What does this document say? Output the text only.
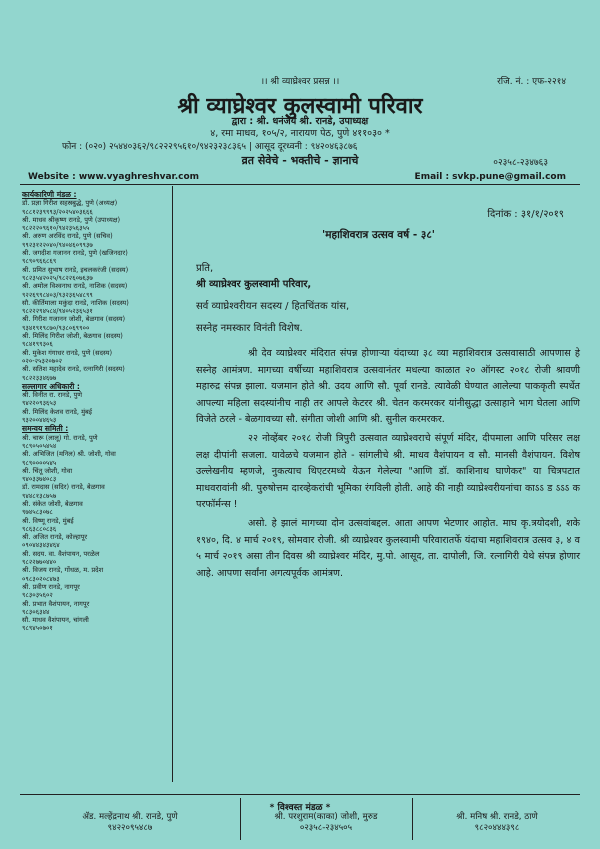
।। श्री व्याघ्रेश्वर प्रसन्न ।।	रजि. नं. : एफ-२२१४
श्री व्याघ्रेश्वर कुलस्वामी परिवार
द्वारा : श्री. धनंजय श्री. रानडे, उपाध्यक्ष
४, रमा माधव, १०५/२, नारायण पेठ, पुणे ४११०३० *
फोन : (०२०) २५४४०३६२/९८२२२९५६१०/९४२३२३८३६५ | आसूद दूरध्वनी : ९४२०४६३८७६
व्रत सेवेचे - भक्तीचे - ज्ञानाचे	०२३५८-२३४७६३
Website : www.vyaghreshvar.com	Email : svkp.pune@gmail.com
कार्यकारिणी मंडळ :
डॉ. प्रज्ञा गिरीश सहस्रबुद्धे, पुणे (अध्यक्ष)
९८८१२३९९९३/२०२५४०३६६६
श्री. माधव श्रीकृष्ण रानडे, पुणे (उपाध्यक्ष)
९८२२२०९६१०/९४२३५६३५५
श्री. अरुण अरविंद रानडे, पुणे (सचिव)
९९२३१२२०४०/९४०४६०९९३७
श्री. जगदीश गजानन रानडे, पुणे (खजिनदार)
९८९०९६६८६९
श्री. प्रमित सुभाष रानडे, इचलकरंजी (सदस्य)
९८२३५४२०२५/९८२२६०७६३७
श्री. अमोल विश्वनाथ रानडे, नाशिक (सदस्य)
९२२६९९८४०३/९३२३६५४८९९
सौ. कीर्तिमाला मकुंदा रानडे, नाशिक (सदस्य)
९८२२२९४५८४/९४०५२३६५३१
श्री. गिरीश गजानन जोशी, बेळगाव (सदस्य)
९३४१९१९८७०/९३८०६९९००
श्री. मिलिंद गिरीश जोशी, बेळगाव (सदस्य)
९८४१९९३०६
श्री. मुकेश गंगाधर रानडे, पुणे (सदस्य)
०२०-२५३२०७०२
श्री. सतिश महादेव रानडे, रत्नागिरी (सदस्य)
९८२२३३४६७७
सल्लागार अधिकारी :
श्री. विनीत रा. रानडे, पुणे
९४२२०९३६५३
श्री. मिलिंद केशव रानडे, मुंबई
९३२००४४६५३
समन्वय समिती :
श्री. चारू (लालू) गो. रानडे, पुणे
९८९०५०५४५४
श्री. अभिजित (मनिल) श्री. जोशी, गोवा
९८९००००५४५
श्री. चिंतू जोशी, गोवा
९४०३३७४०८३
डॉ. रामदास (सदिर) रानडे, बेळगाव
९४४८१३८७५७
श्री. संकेत जोशी, बेळगाव
९७४५८३०७८
श्री. विष्णू रानडे, मुंबई
९८६३८८०८३६
श्री. अजित रानडे, कोल्हापूर
०९०४४३४३४६४
श्री. सदय. वा. वैशंपायन, परळेल
९८२२७७०४४०
श्री. विजय रानडे, गोंधळ, म. प्रदेश
०९८३०२०८४७३
श्री. प्रवीण रानडे, नागपूर
९८३०३५६०२
श्री. प्रभात वैशंपायन, नागपूर
९८३०६३४४
सौ. माधव वैशंपायन, चांगली
९८९४५०७०१
दिनांक : ३१/१/२०१९
'महाशिवरात्र उत्सव वर्ष - ३८'
प्रति,
श्री व्याघ्रेश्वर कुलस्वामी परिवार,
सर्व व्याघ्रेश्वरीयन सदस्य / हितचिंतक यांस,
सस्नेह नमस्कार विनंती विशेष.

श्री देव व्याघ्रेश्वर मंदिरात संपन्न होणाऱ्या यंदाच्या ३८ व्या महाशिवरात्र उत्सवासाठी आपणास हे सस्नेह आमंत्रण. मागच्या वर्षीच्या महाशिवरात्र उत्सवानंतर मधल्या काळात २० ऑगस्ट २०१८ रोजी श्रावणी महारुद्र संपन्न झाला. यजमान होते श्री. उदय आणि सौ. पूर्वा रानडे. त्यावेळी घेण्यात आलेल्या पाककृती स्पर्धेत आपल्या महिला सदस्यांनीच नाही तर आपले केटरर श्री. चेतन करमरकर यांनीसुद्धा उत्साहाने भाग घेतला आणि विजेते ठरले - बेळगावच्या सौ. संगीता जोशी आणि श्री. सुनील करमरकर.

२२ नोव्हेंबर २०१८ रोजी त्रिपुरी उत्सवात व्याघ्रेश्वराचे संपूर्ण मंदिर, दीपमाला आणि परिसर लक्ष लक्ष दीपांनी सजला. यावेळचे यजमान होते - सांगलीचे श्री. माधव वैशंपायन व सौ. मानसी वैशंपायन. विशेष उल्लेखनीय म्हणजे, नुकत्याच थिएटरमध्ये येऊन गेलेल्या "आणि डॉ. काशिनाथ घाणेकर" या चित्रपटात माधवरावांनी श्री. पुरुषोत्तम दारव्हेकरांची भूमिका रंगविली होती. आहे की नाही व्याघ्रेश्वरीयनांचा काऽऽ ड ऽऽऽ क परफॉर्मन्स !

असो. हे झालं मागच्या दोन उत्सवांबद्दल. आता आपण भेटणार आहोत. माघ कृ.त्रयोदशी, शके १९४०, दि. ४ मार्च २०१९, सोमवार रोजी. श्री व्याघ्रेश्वर कुलस्वामी परिवारातर्फे यंदाचा महाशिवरात्र उत्सव ३, ४ व ५ मार्च २०१९ असा तीन दिवस श्री व्याघ्रेश्वर मंदिर, मु.पो. आसूद, ता. दापोली, जि. रत्नागिरी येथे संपन्न होणार आहे. आपणा सर्वांना अगत्यपूर्वक आमंत्रण.

* विश्वस्त मंडळ *
ॲड. मल्हेंद्रनाथ श्री. रानडे, पुणे
९४२२०९५४८७
श्री. परशुराम(काका) जोशी, मुरुड
०२३५८-२३४५०५
श्री. मनिष श्री. रानडे, ठाणे
९८२०४४४३९८
